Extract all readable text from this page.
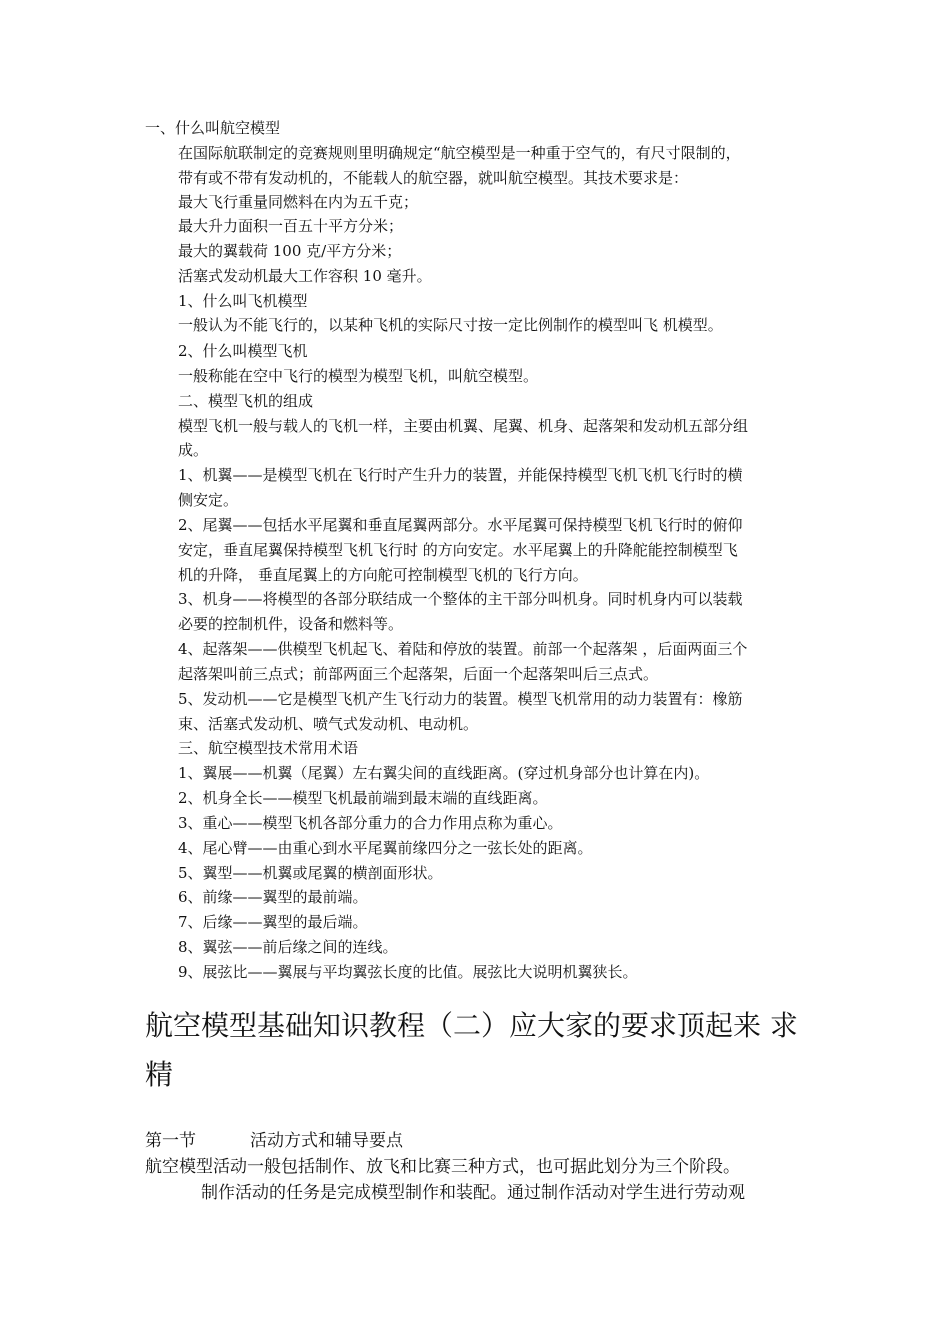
一、什么叫航空模型
在国际航联制定的竞赛规则里明确规定“航空模型是一种重于空气的，有尺寸限制的，
带有或不带有发动机的，不能载人的航空器，就叫航空模型。其技术要求是：
最大飞行重量同燃料在内为五千克；
最大升力面积一百五十平方分米；
最大的翼载荷 100 克/平方分米；
活塞式发动机最大工作容积 10 毫升。
1、什么叫飞机模型
一般认为不能飞行的，以某种飞机的实际尺寸按一定比例制作的模型叫飞 机模型。
2、什么叫模型飞机
一般称能在空中飞行的模型为模型飞机，叫航空模型。
二、模型飞机的组成
模型飞机一般与载人的飞机一样，主要由机翼、尾翼、机身、起落架和发动机五部分组
成。
1、机翼——是模型飞机在飞行时产生升力的装置，并能保持模型飞机飞机飞行时的横
侧安定。
2、尾翼——包括水平尾翼和垂直尾翼两部分。水平尾翼可保持模型飞机飞行时的俯仰
安定，垂直尾翼保持模型飞机飞行时 的方向安定。水平尾翼上的升降舵能控制模型飞
机的升降， 垂直尾翼上的方向舵可控制模型飞机的飞行方向。
3、机身——将模型的各部分联结成一个整体的主干部分叫机身。同时机身内可以装载
必要的控制机件，设备和燃料等。
4、起落架——供模型飞机起飞、着陆和停放的装置。前部一个起落架 ，后面两面三个
起落架叫前三点式；前部两面三个起落架，后面一个起落架叫后三点式。
5、发动机——它是模型飞机产生飞行动力的装置。模型飞机常用的动力装置有：橡筋
束、活塞式发动机、喷气式发动机、电动机。
三、航空模型技术常用术语
1、翼展——机翼（尾翼）左右翼尖间的直线距离。(穿过机身部分也计算在内)。
2、机身全长——模型飞机最前端到最末端的直线距离。
3、重心——模型飞机各部分重力的合力作用点称为重心。
4、尾心臂——由重心到水平尾翼前缘四分之一弦长处的距离。
5、翼型——机翼或尾翼的横剖面形状。
6、前缘——翼型的最前端。
7、后缘——翼型的最后端。
8、翼弦——前后缘之间的连线。
9、展弦比——翼展与平均翼弦长度的比值。展弦比大说明机翼狭长。
航空模型基础知识教程（二）应大家的要求顶起来 求
精
第一节	活动方式和辅导要点
航空模型活动一般包括制作、放飞和比赛三种方式，也可据此划分为三个阶段。
制作活动的任务是完成模型制作和装配。通过制作活动对学生进行劳动观
